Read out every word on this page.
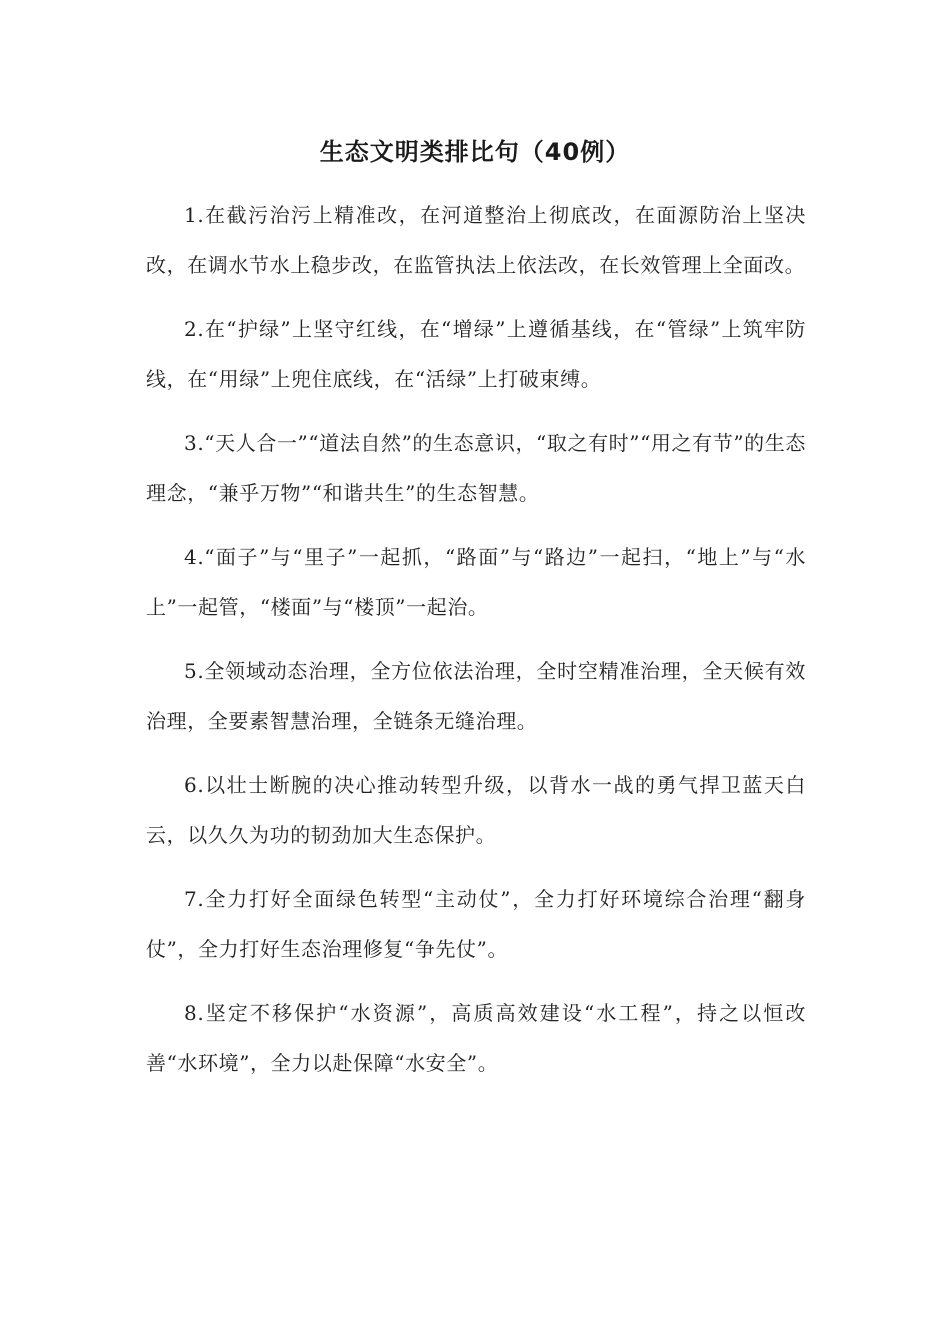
生态文明类排比句（40例）

1.在截污治污上精准改，在河道整治上彻底改，在面源防治上坚决改，在调水节水上稳步改，在监管执法上依法改，在长效管理上全面改。

2.在“护绿”上坚守红线，在“增绿”上遵循基线，在“管绿”上筑牢防线，在“用绿”上兜住底线，在“活绿”上打破束缚。

3.“天人合一”“道法自然”的生态意识，“取之有时”“用之有节”的生态理念，“兼乎万物”“和谐共生”的生态智慧。

4.“面子”与“里子”一起抓，“路面”与“路边”一起扫，“地上”与“水上”一起管，“楼面”与“楼顶”一起治。

5.全领域动态治理，全方位依法治理，全时空精准治理，全天候有效治理，全要素智慧治理，全链条无缝治理。

6.以壮士断腕的决心推动转型升级，以背水一战的勇气捍卫蓝天白云，以久久为功的韧劲加大生态保护。

7.全力打好全面绿色转型“主动仗”，全力打好环境综合治理“翻身仗”，全力打好生态治理修复“争先仗”。

8.坚定不移保护“水资源”，高质高效建设“水工程”，持之以恒改善“水环境”，全力以赴保障“水安全”。
